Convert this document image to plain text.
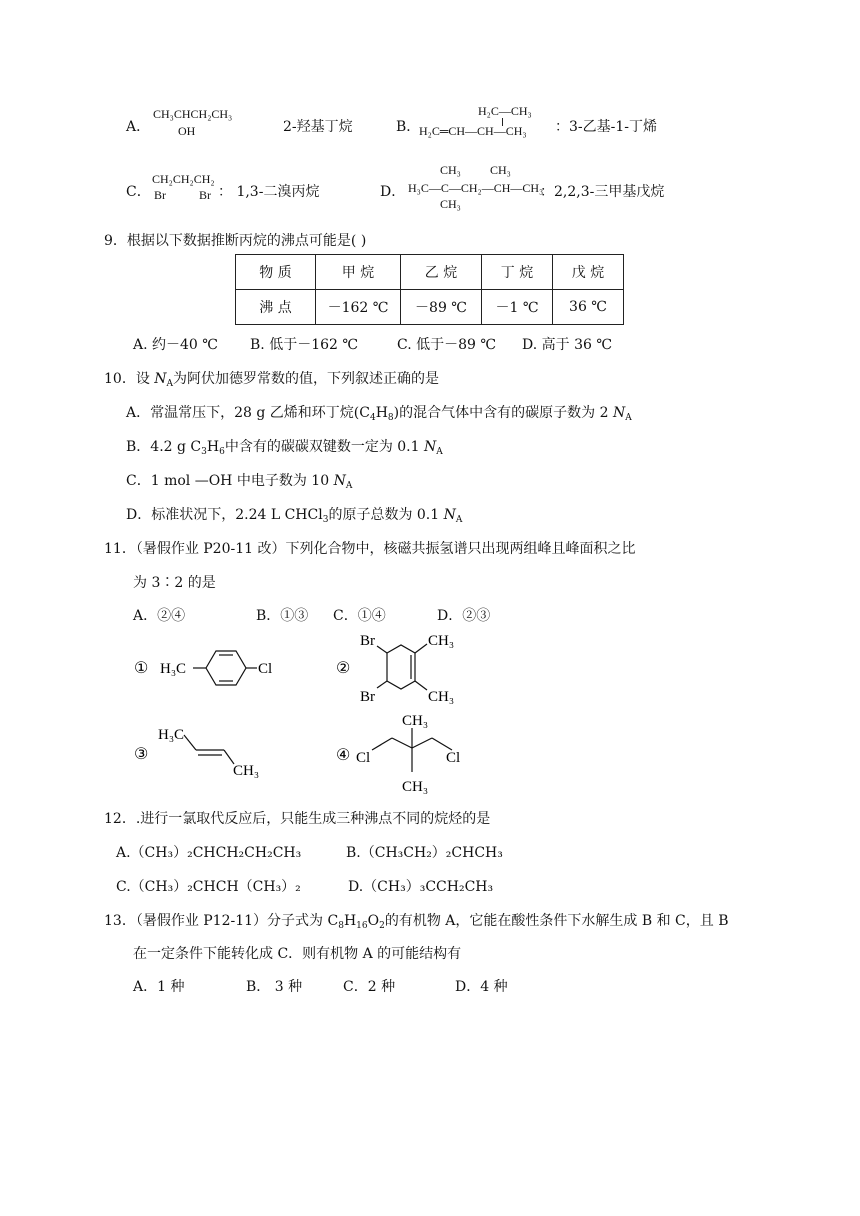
A．
CH₃CHCH₂CH₃
OH	2-羟基丁烷	B．
H₂C—CH₃
H₂C═CH—CH—CH₃ ：3-乙基-1-丁烯
C．
CH₂CH₂CH₂
Br	Br ： 1,3-二溴丙烷	D．
CH₃ CH₃
H₃C—C—CH₂—CH—CH₃
CH₃
：2,2,3-三甲基戊烷
9．根据以下数据推断丙烷的沸点可能是( )
物 质	甲 烷	乙 烷	丁 烷	戊 烷
沸 点	－162 ℃	－89 ℃	－1 ℃	36 ℃
A. 约－40 ℃ B. 低于－162 ℃	C. 低于－89 ℃ D. 高于 36 ℃
10．设 $N_A$为阿伏加德罗常数的值，下列叙述正确的是
A．常温常压下，28 g 乙烯和环丁烷$(C_4H_8)$的混合气体中含有的碳原子数为 2 $N_A$
B．4.2 g $C_3H_6$中含有的碳碳双键数一定为 0.1 $N_A$
C．1 mol —OH 中电子数为 10 $N_A$
D．标准状况下，2.24 L CHCl$_3$的原子总数为 0.1 $N_A$
11．（暑假作业 P20-11 改）下列化合物中，核磁共振氢谱只出现两组峰且峰面积之比
为 3∶2 的是
A．②④	B．①③ C．①④	D．②③
① H₃C	Cl	②
Br
Br
CH₃
CH₃
③
H₃C
CH₃
④
CH₃
CH₃
Cl	Cl
12．.进行一氯取代反应后，只能生成三种沸点不同的烷烃的是
A.（CH₃）₂CHCH₂CH₂CH₃	B.（CH₃CH₂）₂CHCH₃
C.（CH₃）₂CHCH（CH₃）₂	D.（CH₃）₃CCH₂CH₃
13．（暑假作业 P12-11）分子式为 $C_8H_{16}O_2$的有机物 A，它能在酸性条件下水解生成 B 和 C，且 B
在一定条件下能转化成 C．则有机物 A 的可能结构有
A．1 种	B． 3 种	C．2 种	D．4 种
